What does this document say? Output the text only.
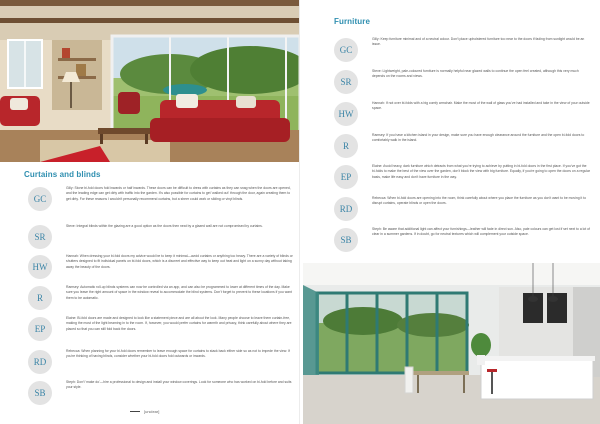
Curtains and blinds
GC
Gilly: Stone bi-fold doors fold inwards or half inwards. These doors can be difficult to dress with curtains as they can snag when the doors are opened, and the leading edge can get dirty with traffic into the garden. It's also possible for curtains to get 'walked out' through the door, again creating them to get dirty. For these reasons I wouldn't personally recommend curtains, but a sheer could work or sliding or vinyl blinds.
SR
Steve: Integral blinds within the glazing are a good option as the doors then neat by a glazed wall are not compromised by curtains.
HW
Hannah: When dressing your bi-fold doors my advice would be to keep it minimal—avoid curtains or anything too heavy. There are a variety of blinds or shutters designed to fit individual panels on bi-fold doors, which is a discreet and effective way to keep out heat and light on a sunny day without taking away the beauty of the doors.
R
Ramsey: Automatic roll-up blinds systems can now be controlled via an app, and can also be programmed to lower at different times of the day. Make sure you leave the right amount of space in the window reveal to accommodate the blind systems. Don't forget to prevent to these locations if you want them to be automatic.
EP
Elaine: Bi-fold doors are made and designed to look like a statement piece and are all about the look. Many people choose to leave them curtain-free, making the most of the light beaming in to the room. If, however, you would prefer curtains for warmth and privacy, think carefully about where they are placed so that you can still fold back the doors.
RD
Rebecca: When planning for your bi-fold doors remember to leave enough space for curtains to stack back either side so as not to impede the view. If you're thinking of having blinds, consider whether your bi-fold doors fold outwards or inwards.
SB
Steph: Don't 'make do'—hire a professional to design and install your window coverings. Look for someone who has worked on bi-fold before and suits your style.
[unclear]
Furniture
GC
Gilly: Keep furniture minimal and of a neutral colour. Don't place upholstered furniture too near to the doors if fading from sunlight would be an issue.
SR
Steve: Lightweight, pale-coloured furniture is normally helpful near glazed walls to continue the open feel created, although this very much depends on the rooms and views.
HW
Hannah: If not over bi-folds with a big comfy armchair. Make the most of the wall of glass you've had installed and take in the view of your outside space.
R
Ramsey: If you have a kitchen island in your design, make sure you have enough clearance around the furniture and the open bi-fold doors to comfortably walk in the island.
EP
Elaine: Avoid heavy, dark furniture which detracts from what you're trying to achieve by putting in bi-fold doors in the first place. If you've got the bi-folds to make the best of the view over the garden, don't block the view with big furniture. Equally, if you're going to open the doors on a regular basis, make life easy and don't have furniture in the way.
RD
Rebecca: When bi-fold doors are opening into the room, think carefully about where you place the furniture as you don't want to be moving it to disrupt curtains, operate blinds or open the doors.
SB
Steph: Be aware that additional light can affect your furnishings—leather will fade in direct sun. Also, pale colours can get lost if set next to a lot of clear in a summer gardens. If in doubt, go for neutral textures which will complement your outside space.
